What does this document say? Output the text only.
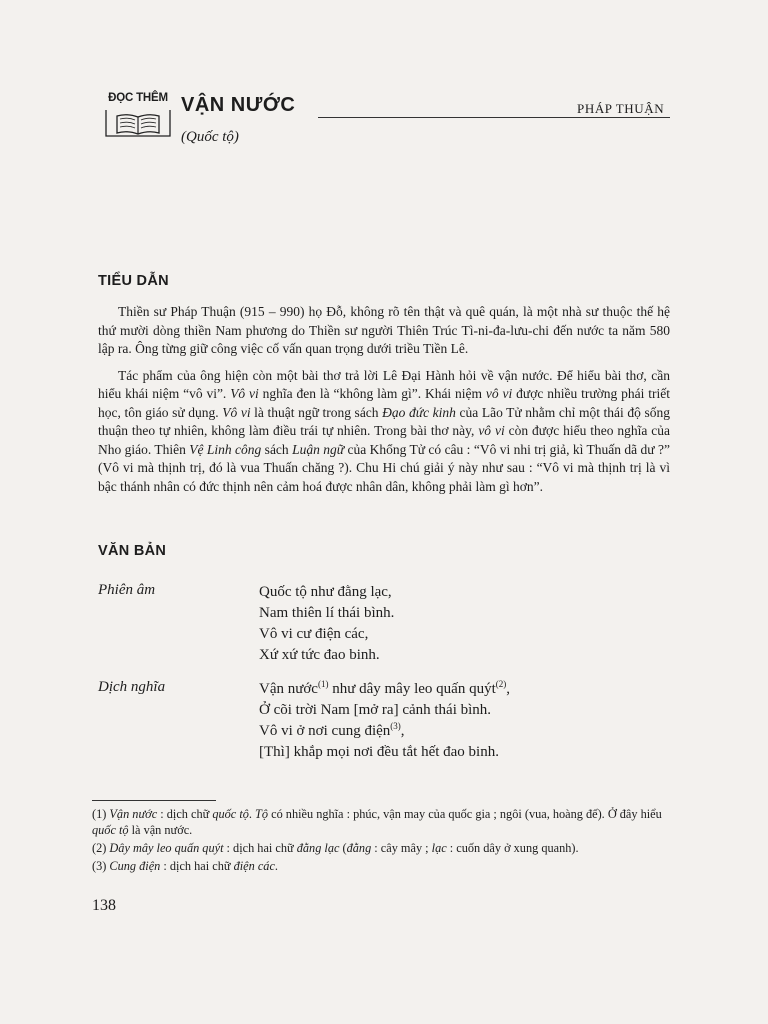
ĐỌC THÊM VẬN NƯỚC	PHÁP THUẬN
(Quốc tộ)
TIỂU DẪN

Thiền sư Pháp Thuận (915 – 990) họ Đỗ, không rõ tên thật và quê quán, là một nhà sư thuộc thế hệ thứ mười dòng thiền Nam phương do Thiền sư người Thiên Trúc Tì-ni-đa-lưu-chi đến nước ta năm 580 lập ra. Ông từng giữ công việc cố vấn quan trọng dưới triều Tiền Lê.

Tác phẩm của ông hiện còn một bài thơ trả lời Lê Đại Hành hỏi về vận nước. Để hiểu bài thơ, cần hiểu khái niệm “vô vi”. Vô vi nghĩa đen là “không làm gì”. Khái niệm vô vi được nhiều trường phái triết học, tôn giáo sử dụng. Vô vi là thuật ngữ trong sách Đạo đức kinh của Lão Tử nhằm chỉ một thái độ sống thuận theo tự nhiên, không làm điều trái tự nhiên. Trong bài thơ này, vô vi còn được hiểu theo nghĩa của Nho giáo. Thiên Vệ Linh công sách Luận ngữ của Khổng Tử có câu : “Vô vi nhi trị giả, kì Thuấn dã dư ?” (Vô vi mà thịnh trị, đó là vua Thuấn chăng ?). Chu Hi chú giải ý này như sau : “Vô vi mà thịnh trị là vì bậc thánh nhân có đức thịnh nên cảm hoá được nhân dân, không phải làm gì hơn”.

VĂN BẢN
Phiên âm	Quốc tộ như đằng lạc,
Nam thiên lí thái bình.
Vô vi cư điện các,
Xứ xứ tức đao binh.
Dịch nghĩa	Vận nước$^{(1)}$ như dây mây leo quấn quýt$^{(2)}$,
Ở cõi trời Nam [mở ra] cảnh thái bình.
Vô vi ở nơi cung điện$^{(3)}$,
[Thì] khắp mọi nơi đều tắt hết đao binh.

(1) Vận nước : dịch chữ quốc tộ. Tộ có nhiều nghĩa : phúc, vận may của quốc gia ; ngôi (vua, hoàng đế). Ở đây hiểu quốc tộ là vận nước.

(2) Dây mây leo quấn quýt : dịch hai chữ đằng lạc (đằng : cây mây ; lạc : cuốn dây ở xung quanh).

(3) Cung điện : dịch hai chữ điện các.

138
